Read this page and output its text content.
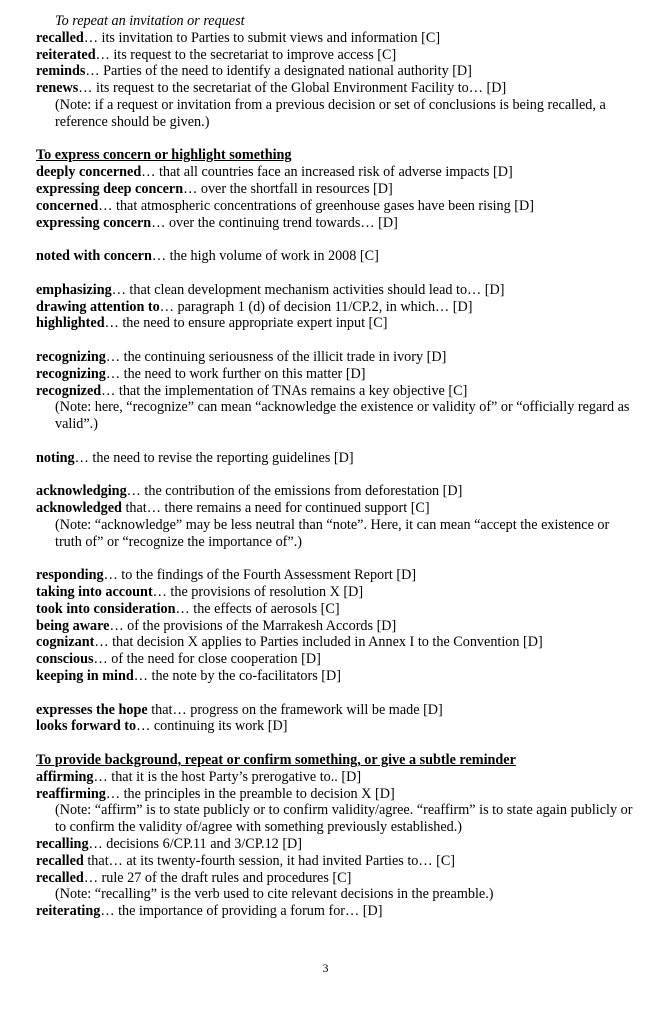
To repeat an invitation or request
recalled… its invitation to Parties to submit views and information [C]
reiterated… its request to the secretariat to improve access [C]
reminds… Parties of the need to identify a designated national authority [D]
renews… its request to the secretariat of the Global Environment Facility to… [D]
(Note: if a request or invitation from a previous decision or set of conclusions is being recalled, a reference should be given.)
To express concern or highlight something
deeply concerned… that all countries face an increased risk of adverse impacts [D]
expressing deep concern… over the shortfall in resources [D]
concerned… that atmospheric concentrations of greenhouse gases have been rising [D]
expressing concern… over the continuing trend towards… [D]
noted with concern… the high volume of work in 2008 [C]
emphasizing… that clean development mechanism activities should lead to… [D]
drawing attention to… paragraph 1 (d) of decision 11/CP.2, in which… [D]
highlighted… the need to ensure appropriate expert input [C]
recognizing… the continuing seriousness of the illicit trade in ivory [D]
recognizing… the need to work further on this matter [D]
recognized… that the implementation of TNAs remains a key objective [C]
(Note: here, “recognize” can mean “acknowledge the existence or validity of” or “officially regard as valid”.)
noting… the need to revise the reporting guidelines [D]
acknowledging… the contribution of the emissions from deforestation [D]
acknowledged that… there remains a need for continued support [C]
(Note: “acknowledge” may be less neutral than “note”. Here, it can mean “accept the existence or truth of” or “recognize the importance of”.)
responding… to the findings of the Fourth Assessment Report [D]
taking into account… the provisions of resolution X [D]
took into consideration… the effects of aerosols [C]
being aware… of the provisions of the Marrakesh Accords [D]
cognizant… that decision X applies to Parties included in Annex I to the Convention [D]
conscious… of the need for close cooperation [D]
keeping in mind… the note by the co-facilitators [D]
expresses the hope that… progress on the framework will be made [D]
looks forward to… continuing its work [D]
To provide background, repeat or confirm something, or give a subtle reminder
affirming… that it is the host Party’s prerogative to.. [D]
reaffirming… the principles in the preamble to decision X [D]
(Note: “affirm” is to state publicly or to confirm validity/agree. “reaffirm” is to state again publicly or to confirm the validity of/agree with something previously established.)
recalling… decisions 6/CP.11 and 3/CP.12 [D]
recalled that… at its twenty-fourth session, it had invited Parties to… [C]
recalled… rule 27 of the draft rules and procedures [C]
(Note: “recalling” is the verb used to cite relevant decisions in the preamble.)
reiterating… the importance of providing a forum for… [D]
3
